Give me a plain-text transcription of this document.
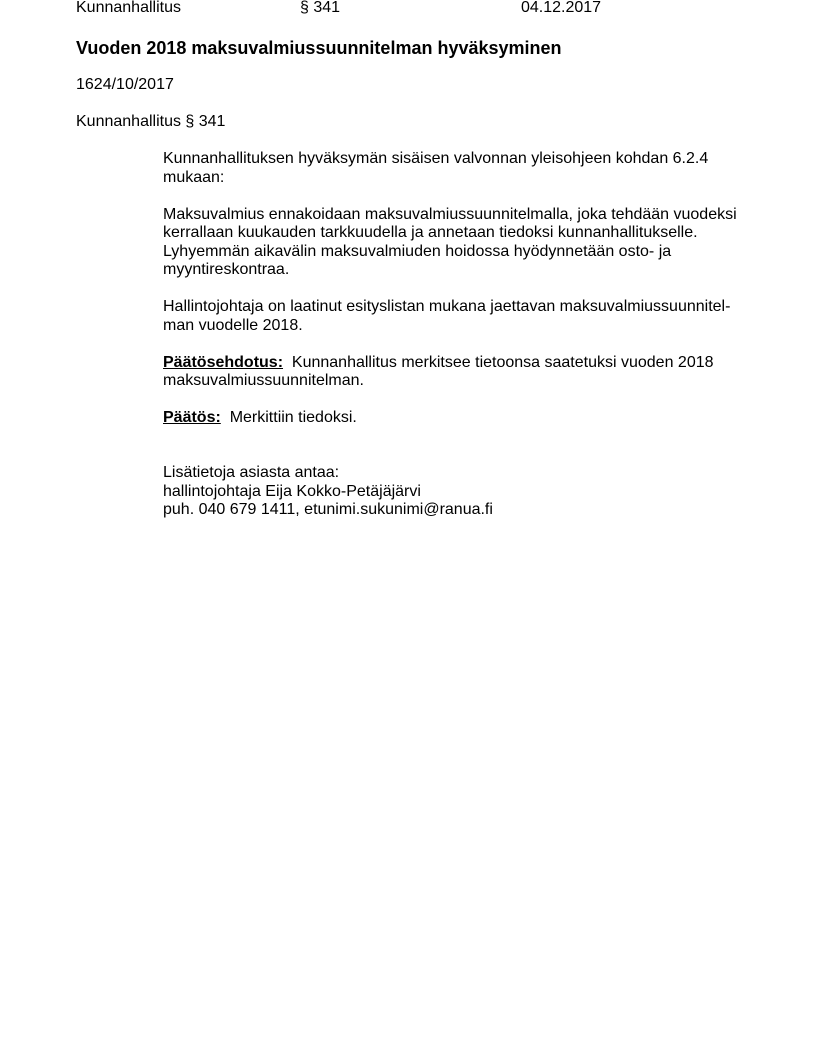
Kunnanhallitus	§ 341	04.12.2017
Vuoden 2018 maksuvalmiussuunnitelman hyväksyminen
1624/10/2017
Kunnanhallitus § 341

Kunnanhallituksen hyväksymän sisäisen valvonnan yleisohjeen kohdan 6.2.4
mukaan:

Maksuvalmius ennakoidaan maksuvalmiussuunnitelmalla, joka tehdään vuodeksi
kerrallaan kuukauden tarkkuudella ja annetaan tiedoksi kunnanhallitukselle.
Lyhyemmän aikavälin maksuvalmiuden hoidossa hyödynnetään osto- ja
myyntireskontraa.

Hallintojohtaja on laatinut esityslistan mukana jaettavan maksuvalmiussuunnitel-
man vuodelle 2018.

Päätösehdotus: Kunnanhallitus merkitsee tietoonsa saatetuksi vuoden 2018
maksuvalmiussuunnitelman.

Päätös: Merkittiin tiedoksi.

Lisätietoja asiasta antaa:
hallintojohtaja Eija Kokko-Petäjäjärvi
puh. 040 679 1411, etunimi.sukunimi@ranua.fi
